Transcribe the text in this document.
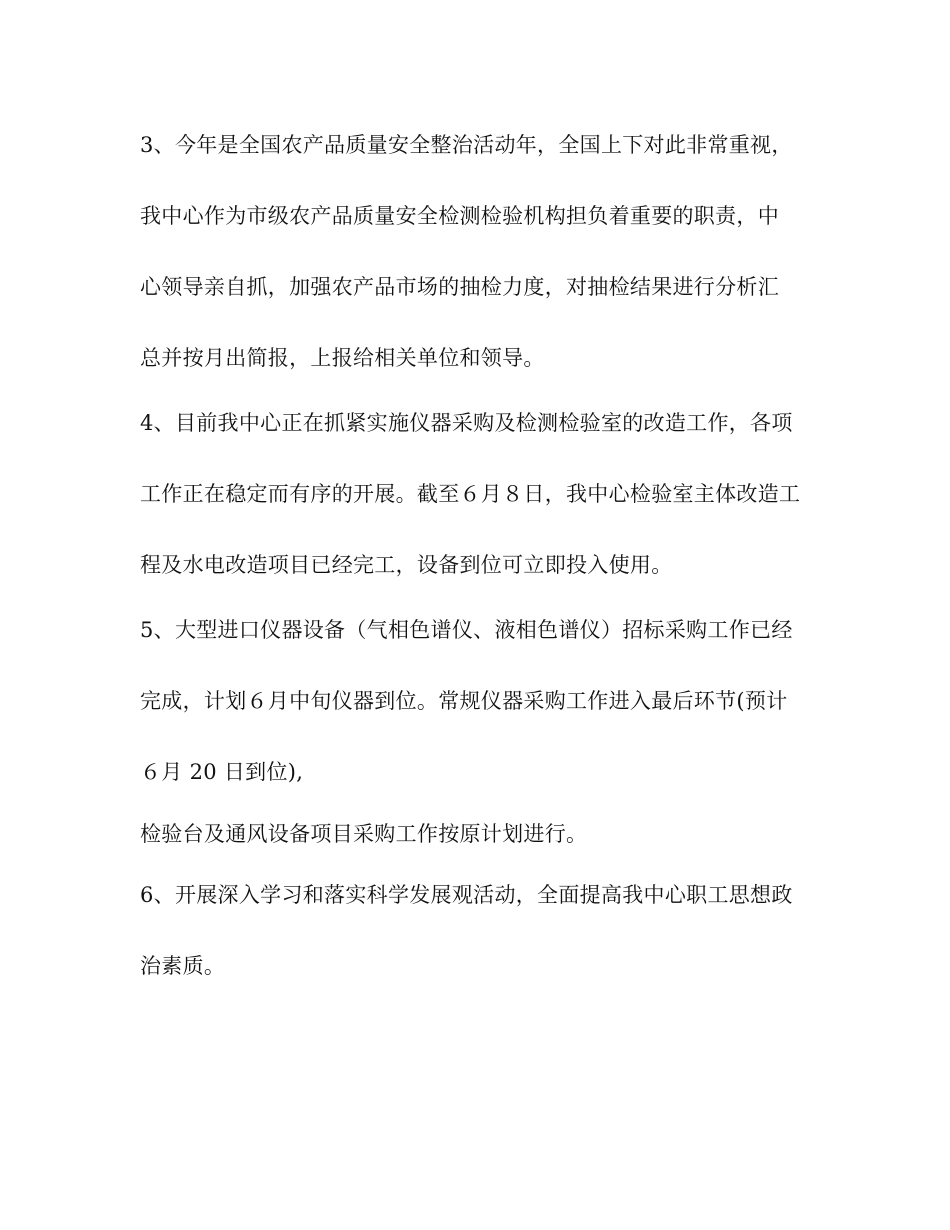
3、今年是全国农产品质量安全整治活动年，全国上下对此非常重视，

我中心作为市级农产品质量安全检测检验机构担负着重要的职责，中

心领导亲自抓，加强农产品市场的抽检力度，对抽检结果进行分析汇

总并按月出简报，上报给相关单位和领导。

4、目前我中心正在抓紧实施仪器采购及检测检验室的改造工作，各项

工作正在稳定而有序的开展。截至６月８日，我中心检验室主体改造工

程及水电改造项目已经完工，设备到位可立即投入使用。

5、大型进口仪器设备（气相色谱仪、液相色谱仪）招标采购工作已经

完成，计划６月中旬仪器到位。常规仪器采购工作进入最后环节(预计

６月 20 日到位),

检验台及通风设备项目采购工作按原计划进行。

6、开展深入学习和落实科学发展观活动，全面提高我中心职工思想政

治素质。
